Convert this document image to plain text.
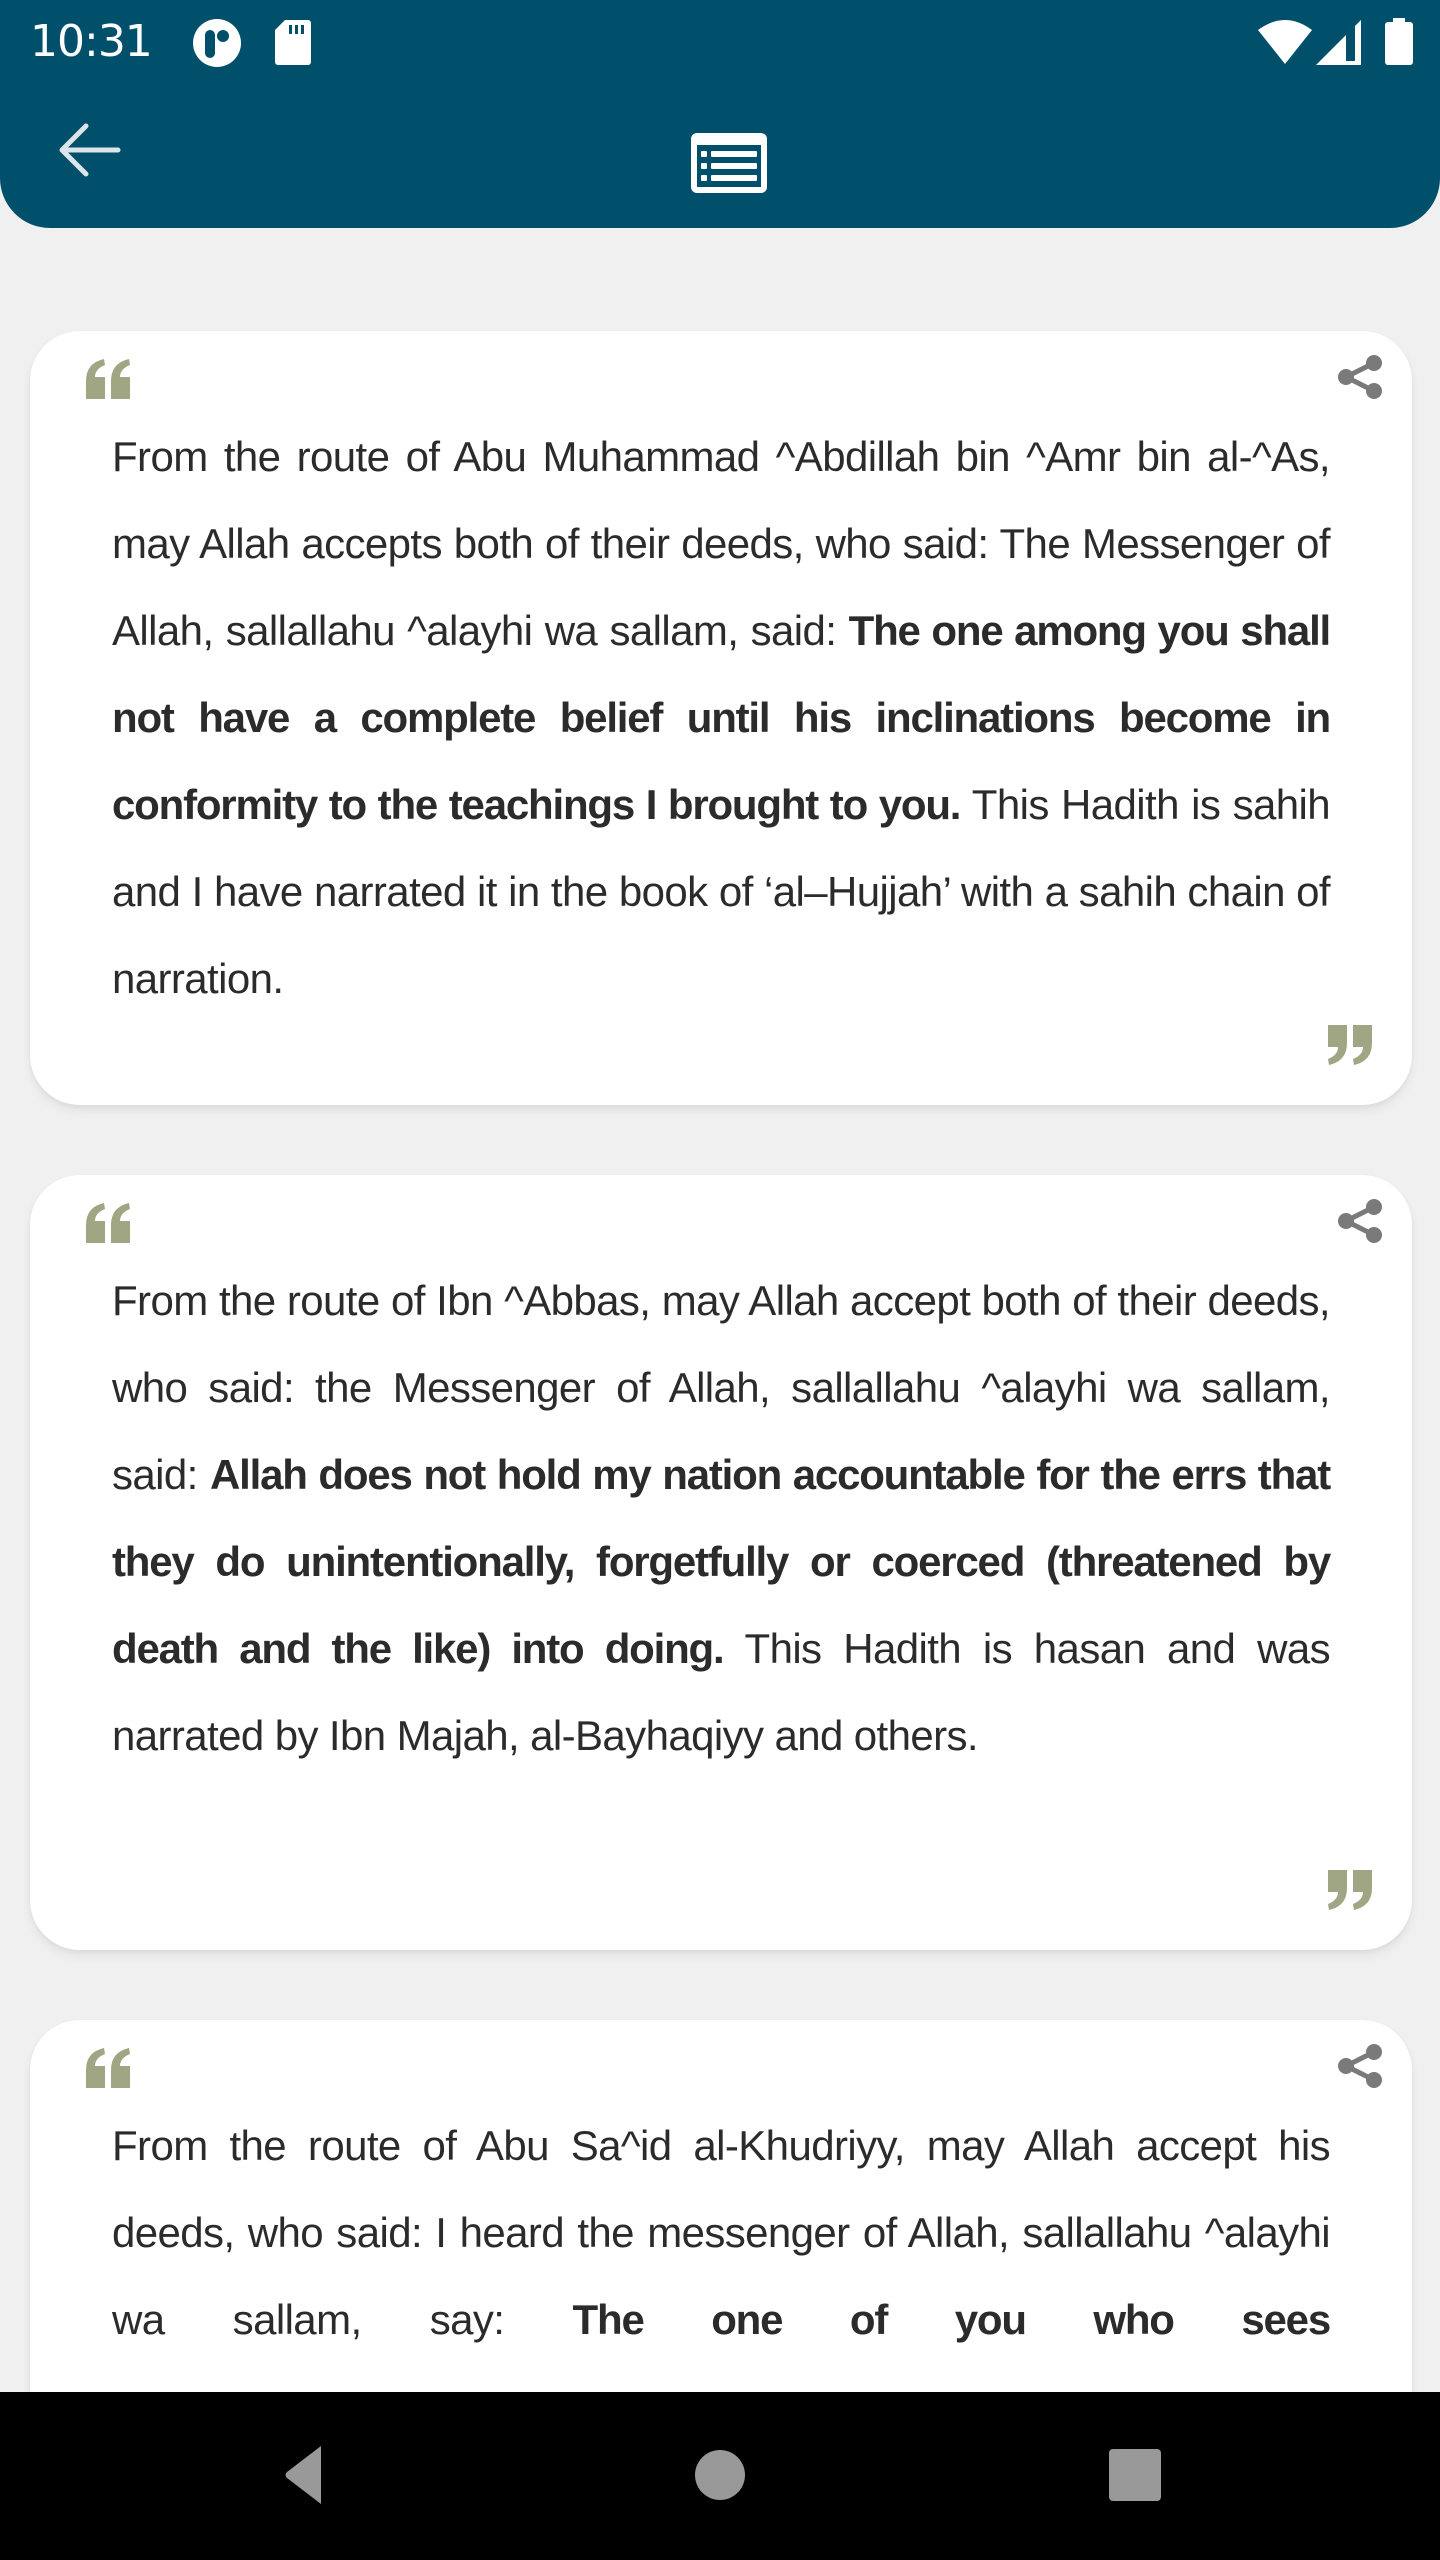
10:31

From the route of Abu Muhammad ^Abdillah bin ^Amr bin al-^As, may Allah accepts both of their deeds, who said: The Messenger of Allah, sallallahu ^alayhi wa sallam, said: The one among you shall not have a complete belief until his inclinations become in conformity to the teachings I brought to you. This Hadith is sahih and I have narrated it in the book of ‘al–Hujjah’ with a sahih chain of narration.

From the route of Ibn ^Abbas, may Allah accept both of their deeds, who said: the Messenger of Allah, sallallahu ^alayhi wa sallam, said: Allah does not hold my nation accountable for the errs that they do unintentionally, forgetfully or coerced (threatened by death and the like) into doing. This Hadith is hasan and was narrated by Ibn Majah, al-Bayhaqiyy and others.

From the route of Abu Sa^id al-Khudriyy, may Allah accept his deeds, who said: I heard the messenger of Allah, sallallahu ^alayhi wa sallam, say: The one of you who sees
